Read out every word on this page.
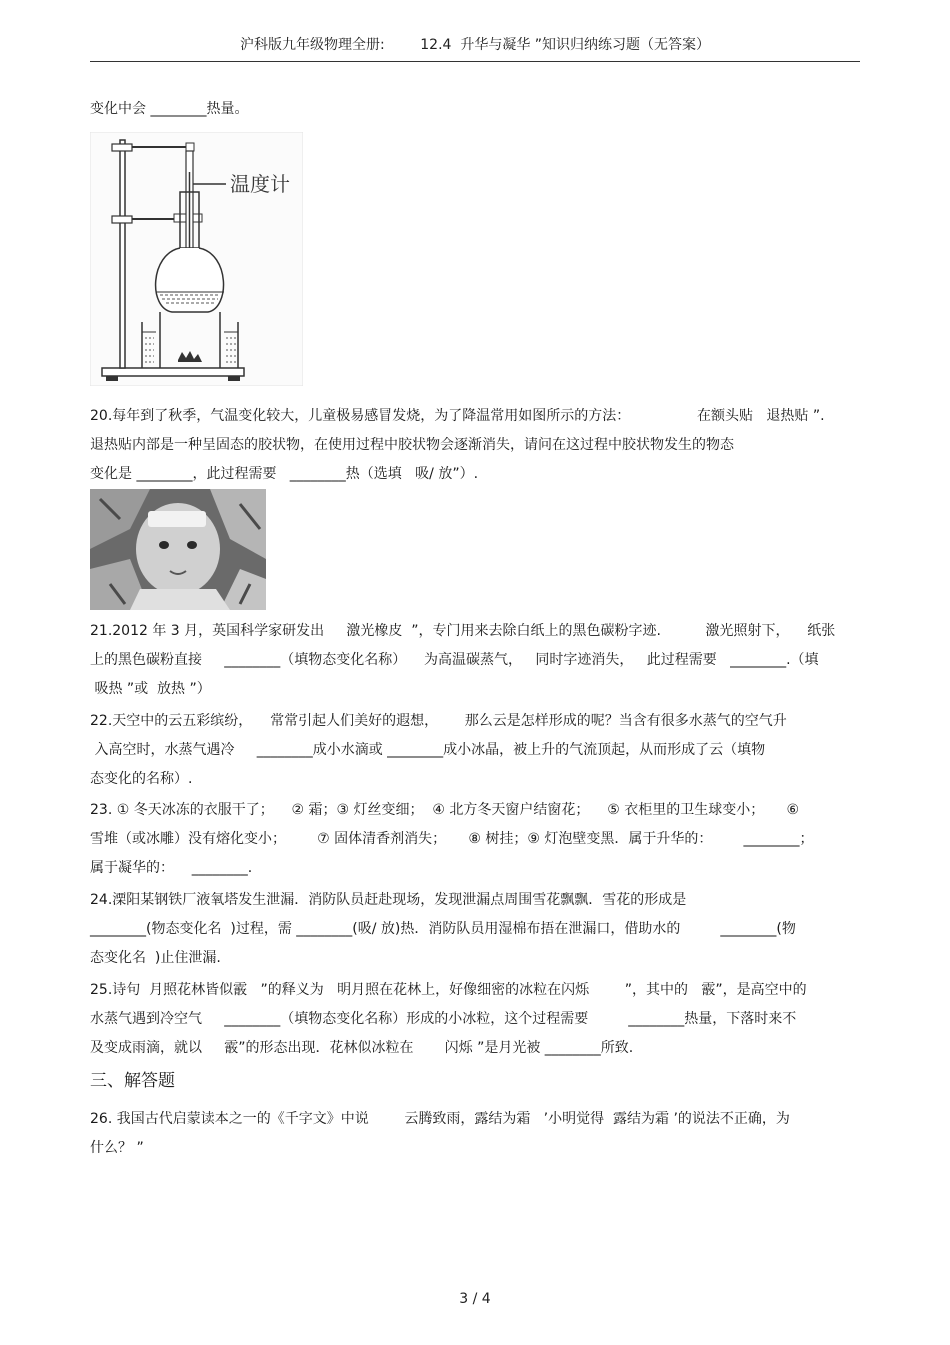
沪科版九年级物理全册:        12.4  升华与凝华 ”知识归纳练习题（无答案）
变化中会 ________热量。
温度计
20.每年到了秋季，气温变化较大，儿童极易感冒发烧，为了降温常用如图所示的方法：               在额头贴   退热贴 ”.
退热贴内部是一种呈固态的胶状物，在使用过程中胶状物会逐渐消失，请问在这过程中胶状物发生的物态
变化是 ________，此过程需要   ________热（选填   吸/ 放”）.
21.2012 年 3 月，英国科学家研发出     激光橡皮  ”，专门用来去除白纸上的黑色碳粉字迹.          激光照射下，    纸张
上的黑色碳粉直接     ________（填物态变化名称）    为高温碳蒸气，   同时字迹消失，   此过程需要   ________.（填
吸热 ”或  放热 ”）
22.天空中的云五彩缤纷，    常常引起人们美好的遐想，      那么云是怎样形成的呢？当含有很多水蒸气的空气升
入高空时，水蒸气遇冷     ________成小水滴或 ________成小冰晶，被上升的气流顶起，从而形成了云（填物
态变化的名称）.
23. ① 冬天冰冻的衣服干了；    ② 霜；③ 灯丝变细；  ④ 北方冬天窗户结窗花；    ⑤ 衣柜里的卫生球变小；     ⑥
雪堆（或冰雕）没有熔化变小；       ⑦ 固体清香剂消失；     ⑧ 树挂；⑨ 灯泡壁变黑．属于升华的：       ________；
属于凝华的：    ________.
24.溧阳某钢铁厂液氧塔发生泄漏．消防队员赶赴现场，发现泄漏点周围雪花飘飘．雪花的形成是
________(物态变化名  )过程，需 ________(吸/ 放)热．消防队员用湿棉布捂在泄漏口，借助水的         ________(物
态变化名  )止住泄漏.
25.诗句  月照花林皆似霰   ”的释义为   明月照在花林上，好像细密的冰粒在闪烁        ”，其中的   霰”，是高空中的
水蒸气遇到冷空气     ________（填物态变化名称）形成的小冰粒，这个过程需要         ________热量，下落时来不
及变成雨滴，就以     霰”的形态出现．花林似冰粒在       闪烁 ”是月光被 ________所致.
三、解答题
26. 我国古代启蒙读本之一的《千字文》中说        云腾致雨，露结为霜   ’小明觉得  露结为霜 ’的说法不正确，为
什么？ ”
3 / 4
